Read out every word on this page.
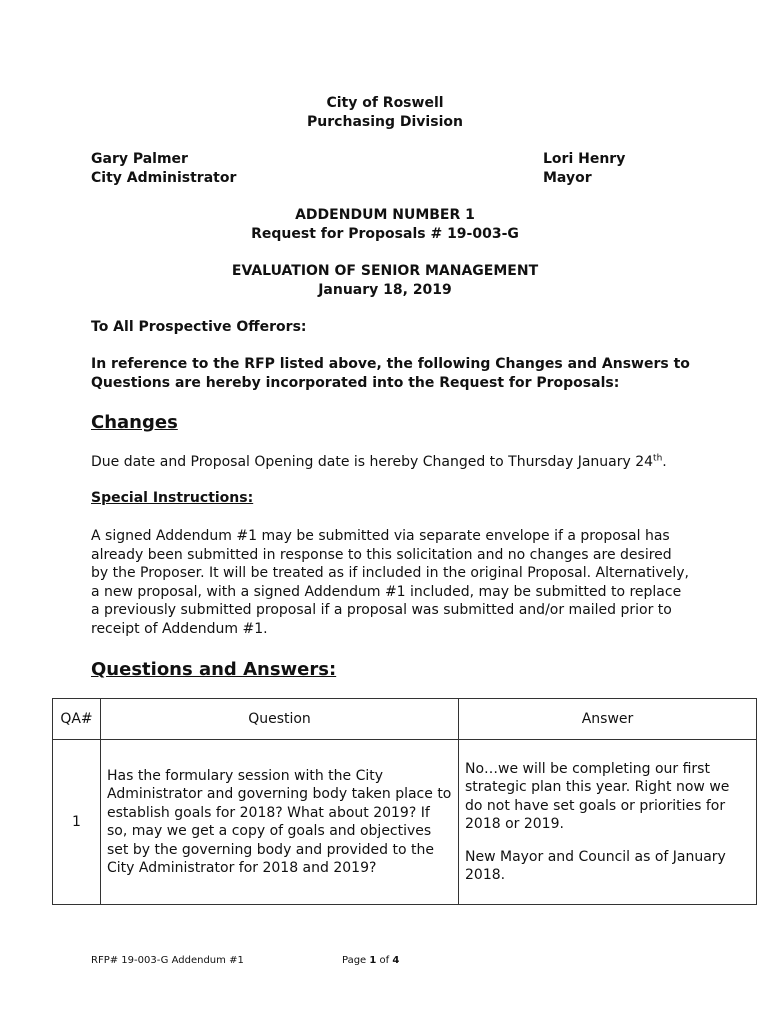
City of Roswell
Purchasing Division
Gary Palmer
City Administrator
Lori Henry
Mayor
ADDENDUM NUMBER 1
Request for Proposals # 19-003-G
EVALUATION OF SENIOR MANAGEMENT
January 18, 2019
To All Prospective Offerors:
In reference to the RFP listed above, the following Changes and Answers to Questions are hereby incorporated into the Request for Proposals:
Changes
Due date and Proposal Opening date is hereby Changed to Thursday January 24th.
Special Instructions:
A signed Addendum #1 may be submitted via separate envelope if a proposal has already been submitted in response to this solicitation and no changes are desired by the Proposer. It will be treated as if included in the original Proposal. Alternatively, a new proposal, with a signed Addendum #1 included, may be submitted to replace a previously submitted proposal if a proposal was submitted and/or mailed prior to receipt of Addendum #1.
Questions and Answers:
QA#	Question	Answer
1	Has the formulary session with the City Administrator and governing body taken place to establish goals for 2018? What about 2019? If so, may we get a copy of goals and objectives set by the governing body and provided to the City Administrator for 2018 and 2019?	No…we will be completing our first strategic plan this year. Right now we do not have set goals or priorities for 2018 or 2019.
New Mayor and Council as of January 2018.
RFP# 19-003-G Addendum #1	Page 1 of 4
